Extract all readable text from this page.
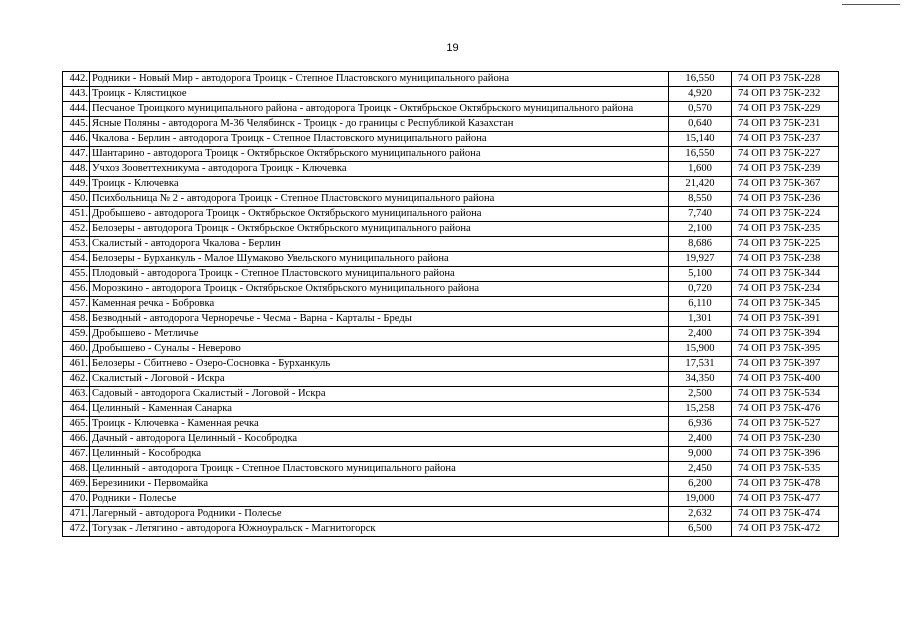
19
442.	Родники - Новый Мир - автодорога Троицк - Степное Пластовского муниципального района	16,550	74 ОП РЗ 75К-228
443.	Троицк - Клястицкое	4,920	74 ОП РЗ 75К-232
444.	Песчаное Троицкого муниципального района - автодорога Троицк - Октябрьское Октябрьского муниципального района	0,570	74 ОП РЗ 75К-229
445.	Ясные Поляны - автодорога М-36 Челябинск - Троицк - до границы с Республикой Казахстан	0,640	74 ОП РЗ 75К-231
446.	Чкалова - Берлин - автодорога Троицк - Степное Пластовского муниципального района	15,140	74 ОП РЗ 75К-237
447.	Шантарино - автодорога Троицк - Октябрьское Октябрьского муниципального района	16,550	74 ОП РЗ 75К-227
448.	Учхоз Зооветтехникума - автодорога Троицк - Ключевка	1,600	74 ОП РЗ 75К-239
449.	Троицк - Ключевка	21,420	74 ОП РЗ 75К-367
450.	Психбольница № 2 - автодорога Троицк - Степное Пластовского муниципального района	8,550	74 ОП РЗ 75К-236
451.	Дробышево - автодорога Троицк - Октябрьское Октябрьского муниципального района	7,740	74 ОП РЗ 75К-224
452.	Белозеры - автодорога Троицк - Октябрьское Октябрьского муниципального района	2,100	74 ОП РЗ 75К-235
453.	Скалистый - автодорога Чкалова - Берлин	8,686	74 ОП РЗ 75К-225
454.	Белозеры - Бурханкуль - Малое Шумаково Увельского муниципального района	19,927	74 ОП РЗ 75К-238
455.	Плодовый - автодорога Троицк - Степное Пластовского муниципального района	5,100	74 ОП РЗ 75К-344
456.	Морозкино - автодорога Троицк - Октябрьское Октябрьского муниципального района	0,720	74 ОП РЗ 75К-234
457.	Каменная речка - Бобровка	6,110	74 ОП РЗ 75К-345
458.	Безводный - автодорога Черноречье - Чесма - Варна - Карталы - Бреды	1,301	74 ОП РЗ 75К-391
459.	Дробышево - Метличье	2,400	74 ОП РЗ 75К-394
460.	Дробышево - Суналы - Неверово	15,900	74 ОП РЗ 75К-395
461.	Белозеры - Сбитнево - Озеро-Сосновка - Бурханкуль	17,531	74 ОП РЗ 75К-397
462.	Скалистый - Логовой - Искра	34,350	74 ОП РЗ 75К-400
463.	Садовый - автодорога Скалистый - Логовой - Искра	2,500	74 ОП РЗ 75К-534
464.	Целинный - Каменная Санарка	15,258	74 ОП РЗ 75К-476
465.	Троицк - Ключевка - Каменная речка	6,936	74 ОП РЗ 75К-527
466.	Дачный - автодорога Целинный - Кособродка	2,400	74 ОП РЗ 75К-230
467.	Целинный - Кособродка	9,000	74 ОП РЗ 75К-396
468.	Целинный - автодорога Троицк - Степное Пластовского муниципального района	2,450	74 ОП РЗ 75К-535
469.	Березиники - Первомайка	6,200	74 ОП РЗ 75К-478
470.	Родники - Полесье	19,000	74 ОП РЗ 75К-477
471.	Лагерный - автодорога Родники - Полесье	2,632	74 ОП РЗ 75К-474
472.	Тогузак - Летягино - автодорога Южноуральск - Магнитогорск	6,500	74 ОП РЗ 75К-472
